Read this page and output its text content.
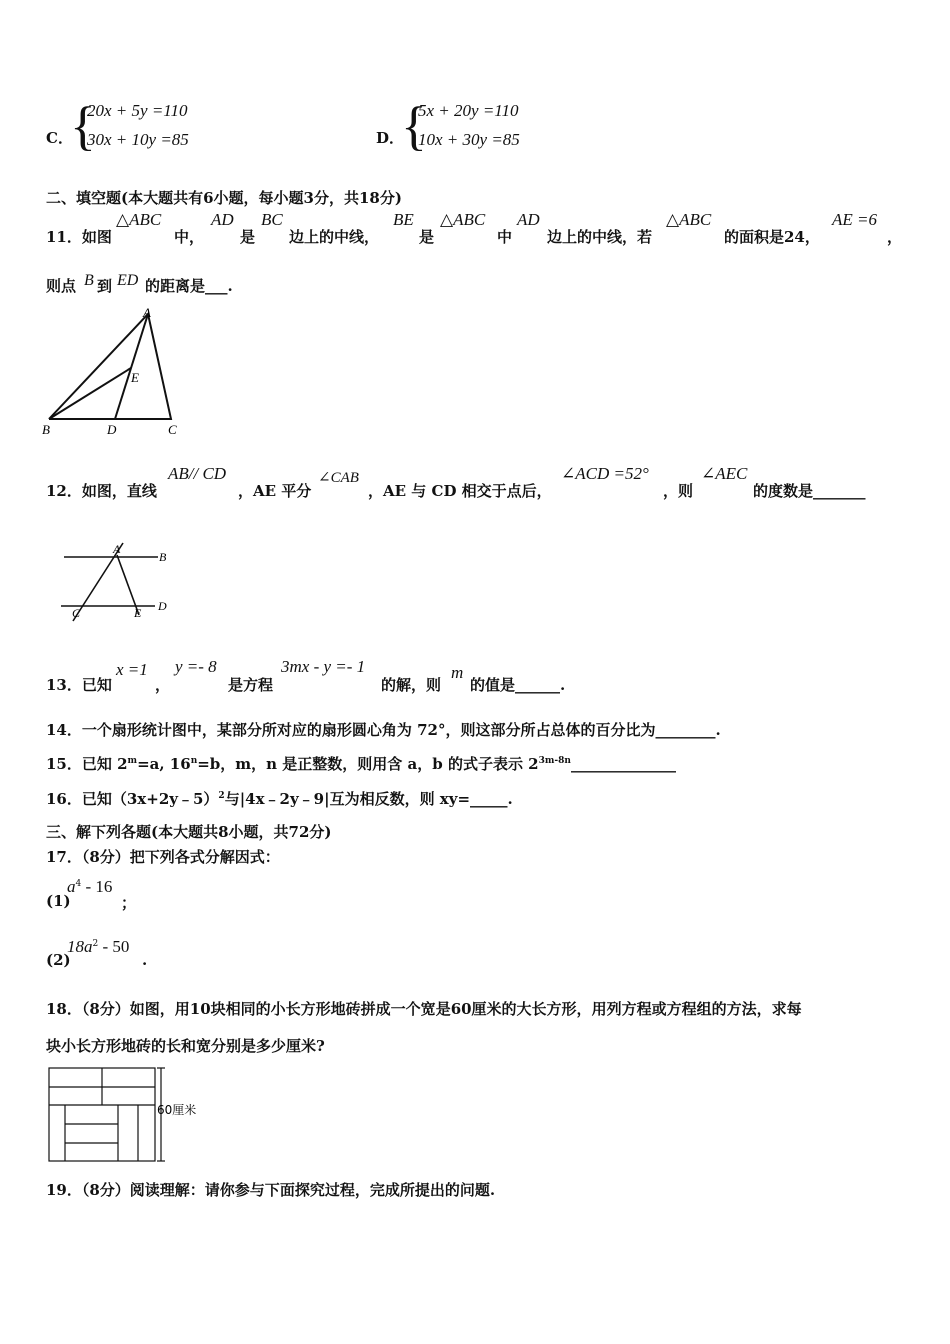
C．
{
20x + 5y =110
30x + 10y =85	D．
{
5x + 20y =110
10x + 30y =85
二、填空题(本大题共有6小题，每小题3分，共18分)
11．如图
△ABC
中，
AD
是
BC
边上的中线，
BE
是
△ABC
中
AD
边上的中线，若
△ABC
的面积是24，
AE =6
，
则点 B 到 ED 的距离是___.
A
B	D	C
E
12．如图，直线
AB// CD
，AE 平分
∠CAB
，AE 与 CD 相交于点后，
∠ACD =52°
，则
∠AEC
的度数是_______
A
B
C	E D
13．已知
x =1
，
y =- 8
是方程
3mx - y =- 1
的解，则
m
的值是______.
14．一个扇形统计图中，某部分所对应的扇形圆心角为 72°，则这部分所占总体的百分比为________.
15．已知 $2^m=a$, $16^n=b$，m，n 是正整数，则用含 a，b 的式子表示 $2^{3m-8n}\_\_\_\_\_\_\_\_\_\_\_\_\_\_$
16．已知（3x+2y﹣5）$^2$与|4x﹣2y﹣9|互为相反数，则 xy=_____.
三、解下列各题(本大题共8小题，共72分)
17．（8分）把下列各式分解因式：
(1)
$a^4 - 16$
；
(2)
$18a^2 - 50$
.
18．（8分）如图，用10块相同的小长方形地砖拼成一个宽是60厘米的大长方形，用列方程或方程组的方法，求每
块小长方形地砖的长和宽分别是多少厘米?
60厘米
19．（8分）阅读理解：请你参与下面探究过程，完成所提出的问题.
